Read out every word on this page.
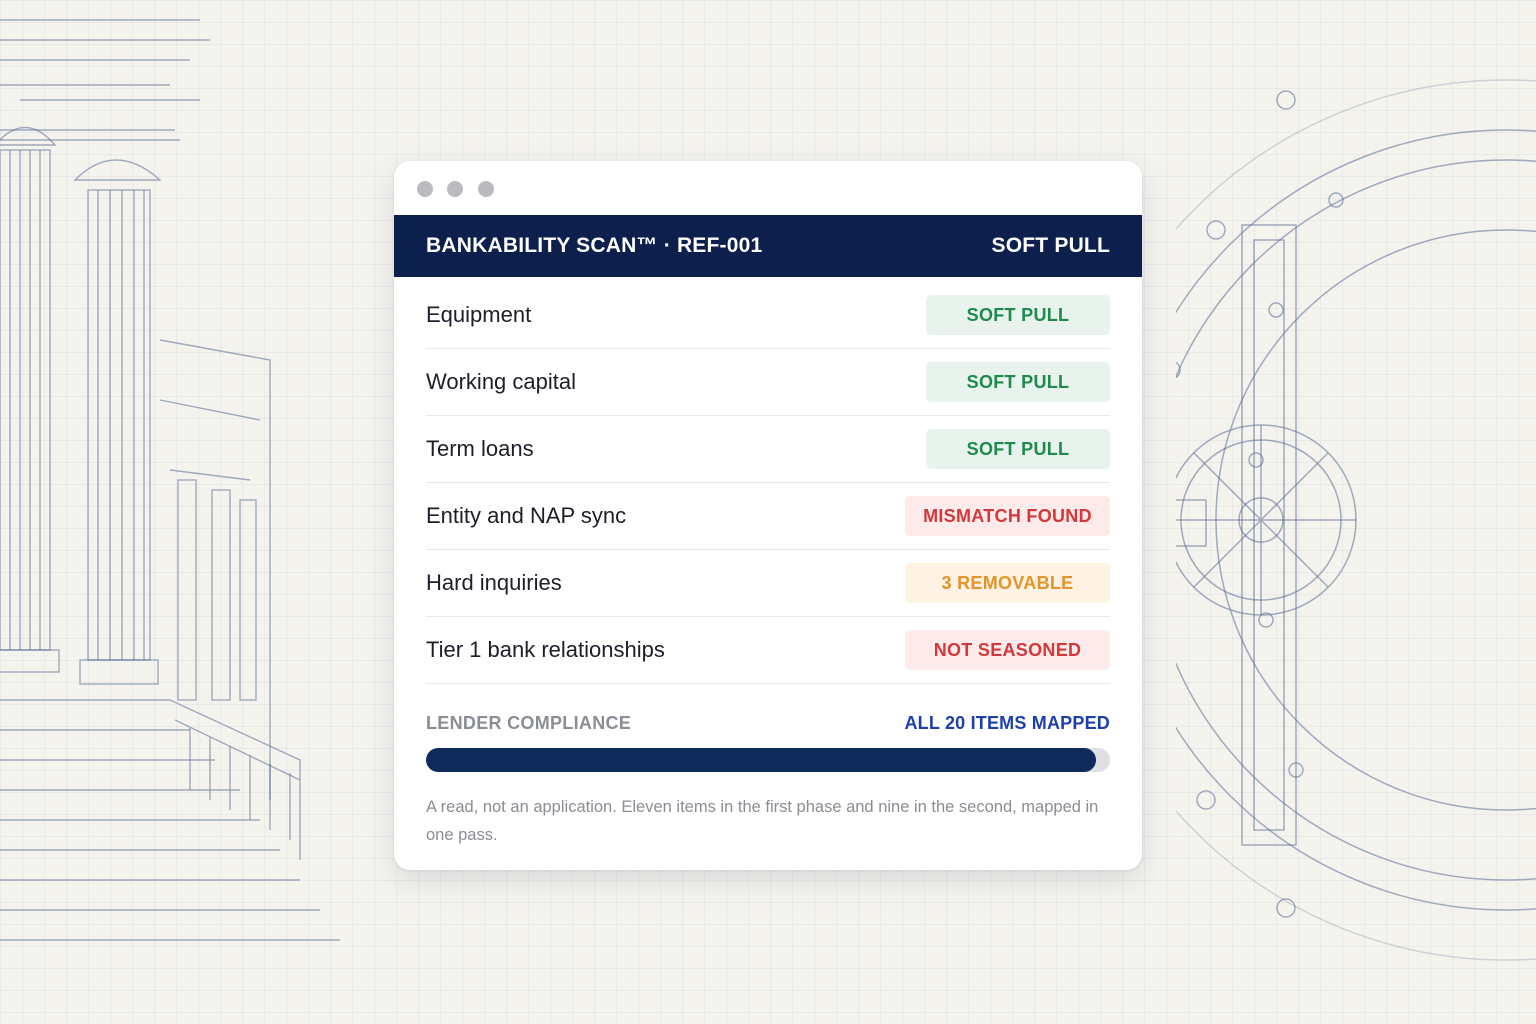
BANKABILITY SCAN™ · REF-001	SOFT PULL
Equipment	SOFT PULL
Working capital	SOFT PULL
Term loans	SOFT PULL
Entity and NAP sync	MISMATCH FOUND
Hard inquiries	3 REMOVABLE
Tier 1 bank relationships	NOT SEASONED
LENDER COMPLIANCE	ALL 20 ITEMS MAPPED
A read, not an application. Eleven items in the first phase and nine in the second, mapped in one pass.
